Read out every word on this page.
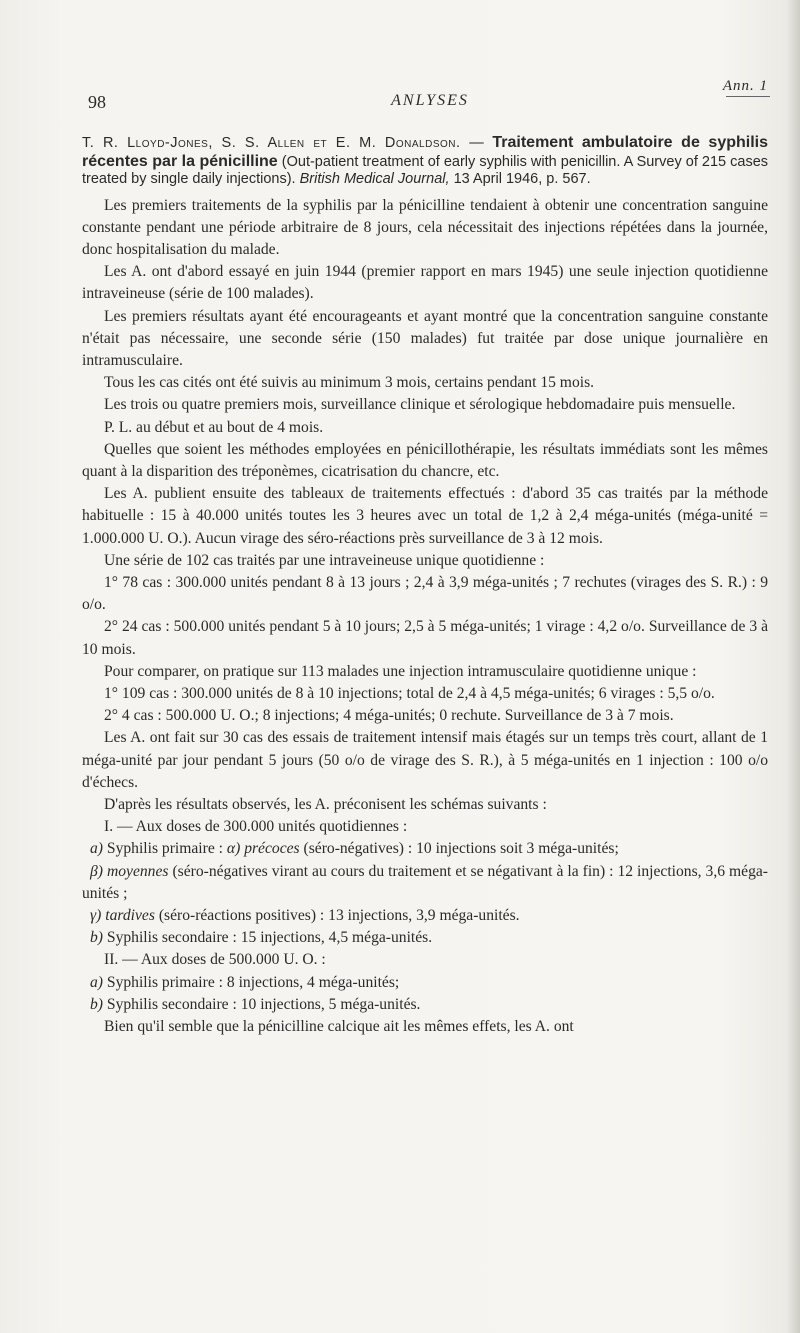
Ann. 1
98	ANLYSES
T. R. Lloyd-Jones, S. S. Allen et E. M. Donaldson. — Traitement ambulatoire de syphilis récentes par la pénicilline (Out-patient treatment of early syphilis with penicillin. A Survey of 215 cases treated by single daily injections). British Medical Journal, 13 April 1946, p. 567.

Les premiers traitements de la syphilis par la pénicilline tendaient à obtenir une concentration sanguine constante pendant une période arbitraire de 8 jours, cela nécessitait des injections répétées dans la journée, donc hospitalisation du malade.

Les A. ont d'abord essayé en juin 1944 (premier rapport en mars 1945) une seule injection quotidienne intraveineuse (série de 100 malades).

Les premiers résultats ayant été encourageants et ayant montré que la concentration sanguine constante n'était pas nécessaire, une seconde série (150 malades) fut traitée par dose unique journalière en intramusculaire.

Tous les cas cités ont été suivis au minimum 3 mois, certains pendant 15 mois.

Les trois ou quatre premiers mois, surveillance clinique et sérologique hebdomadaire puis mensuelle.

P. L. au début et au bout de 4 mois.

Quelles que soient les méthodes employées en pénicillothérapie, les résultats immédiats sont les mêmes quant à la disparition des tréponèmes, cicatrisation du chancre, etc.

Les A. publient ensuite des tableaux de traitements effectués : d'abord 35 cas traités par la méthode habituelle : 15 à 40.000 unités toutes les 3 heures avec un total de 1,2 à 2,4 méga-unités (méga-unité = 1.000.000 U. O.). Aucun virage des séro-réactions près surveillance de 3 à 12 mois.

Une série de 102 cas traités par une intraveineuse unique quotidienne :

1° 78 cas : 300.000 unités pendant 8 à 13 jours ; 2,4 à 3,9 méga-unités ; 7 rechutes (virages des S. R.) : 9 o/o.

2° 24 cas : 500.000 unités pendant 5 à 10 jours; 2,5 à 5 méga-unités; 1 virage : 4,2 o/o. Surveillance de 3 à 10 mois.

Pour comparer, on pratique sur 113 malades une injection intramusculaire quotidienne unique :

1° 109 cas : 300.000 unités de 8 à 10 injections; total de 2,4 à 4,5 méga-unités; 6 virages : 5,5 o/o.

2° 4 cas : 500.000 U. O.; 8 injections; 4 méga-unités; 0 rechute. Surveillance de 3 à 7 mois.

Les A. ont fait sur 30 cas des essais de traitement intensif mais étagés sur un temps très court, allant de 1 méga-unité par jour pendant 5 jours (50 o/o de virage des S. R.), à 5 méga-unités en 1 injection : 100 o/o d'échecs.

D'après les résultats observés, les A. préconisent les schémas suivants :

I. — Aux doses de 300.000 unités quotidiennes :

a) Syphilis primaire : α) précoces (séro-négatives) : 10 injections soit 3 méga-unités;

β) moyennes (séro-négatives virant au cours du traitement et se négativant à la fin) : 12 injections, 3,6 méga-unités ;

γ) tardives (séro-réactions positives) : 13 injections, 3,9 méga-unités.

b) Syphilis secondaire : 15 injections, 4,5 méga-unités.

II. — Aux doses de 500.000 U. O. :

a) Syphilis primaire : 8 injections, 4 méga-unités;

b) Syphilis secondaire : 10 injections, 5 méga-unités.

Bien qu'il semble que la pénicilline calcique ait les mêmes effets, les A. ont
